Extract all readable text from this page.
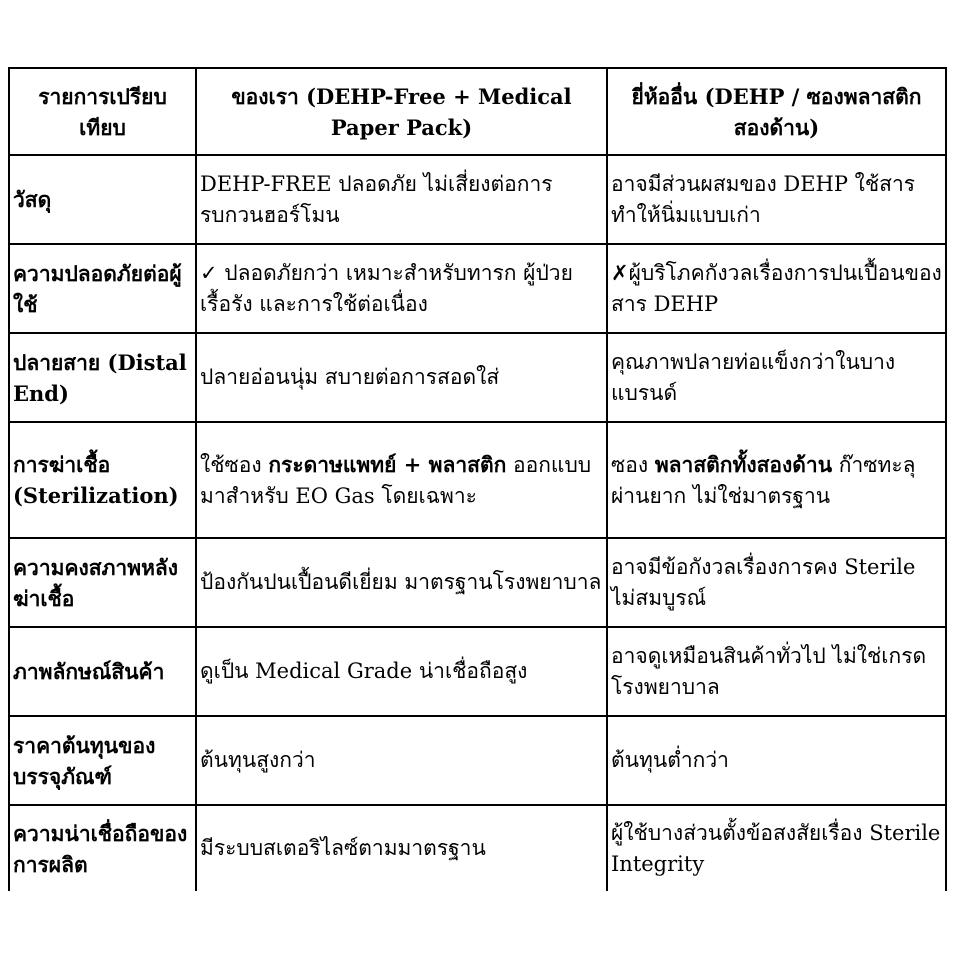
รายการเปรียบเทียบ	ของเรา (DEHP-Free + Medical Paper Pack)	ยี่ห้ออื่น (DEHP / ซองพลาสติกสองด้าน)
วัสดุ	DEHP-FREE ปลอดภัย ไม่เสี่ยงต่อการรบกวนฮอร์โมน	อาจมีส่วนผสมของ DEHP ใช้สารทำให้นิ่มแบบเก่า
ความปลอดภัยต่อผู้ใช้	✓ ปลอดภัยกว่า เหมาะสำหรับทารก ผู้ป่วยเรื้อรัง และการใช้ต่อเนื่อง	✗ผู้บริโภคกังวลเรื่องการปนเปื้อนของสาร DEHP
ปลายสาย (Distal End)	ปลายอ่อนนุ่ม สบายต่อการสอดใส่	คุณภาพปลายท่อแข็งกว่าในบางแบรนด์
การฆ่าเชื้อ (Sterilization)	ใช้ซอง กระดาษแพทย์ + พลาสติก ออกแบบมาสำหรับ EO Gas โดยเฉพาะ	ซอง พลาสติกทั้งสองด้าน ก๊าซทะลุผ่านยาก ไม่ใช่มาตรฐาน
ความคงสภาพหลังฆ่าเชื้อ	ป้องกันปนเปื้อนดีเยี่ยม มาตรฐานโรงพยาบาล	อาจมีข้อกังวลเรื่องการคง Sterile ไม่สมบูรณ์
ภาพลักษณ์สินค้า	ดูเป็น Medical Grade น่าเชื่อถือสูง	อาจดูเหมือนสินค้าทั่วไป ไม่ใช่เกรดโรงพยาบาล
ราคาต้นทุนของบรรจุภัณฑ์	ต้นทุนสูงกว่า	ต้นทุนต่ำกว่า
ความน่าเชื่อถือของการผลิต	มีระบบสเตอริไลซ์ตามมาตรฐาน	ผู้ใช้บางส่วนตั้งข้อสงสัยเรื่อง Sterile Integrity
